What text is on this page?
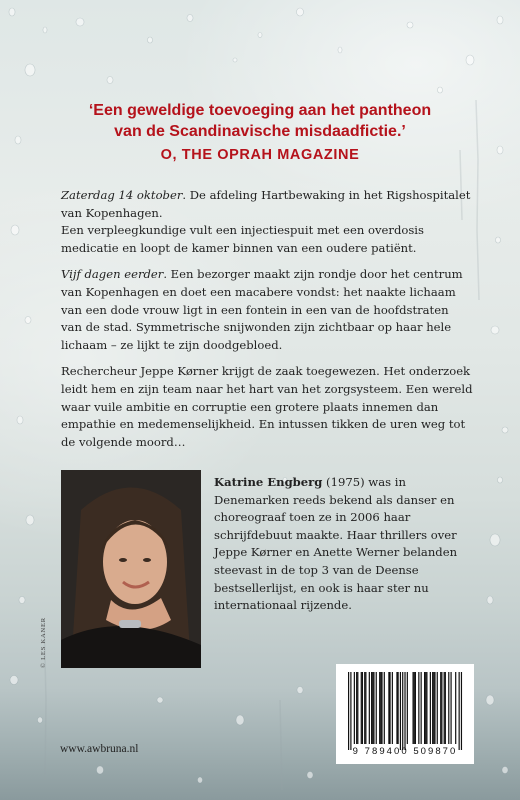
‘Een geweldige toevoeging aan het pantheon
van de Scandinavische misdaadfictie.’
O, THE OPRAH MAGAZINE

Zaterdag 14 oktober. De afdeling Hartbewaking in het Rigshospitalet van Kopenhagen.
Een verpleegkundige vult een injectiespuit met een overdosis medicatie en loopt de kamer binnen van een oudere patiënt.

Vijf dagen eerder. Een bezorger maakt zijn rondje door het centrum van Kopenhagen en doet een macabere vondst: het naakte lichaam van een dode vrouw ligt in een fontein in een van de hoofdstraten van de stad. Symmetrische snijwonden zijn zichtbaar op haar hele lichaam – ze lijkt te zijn doodgebloed.

Rechercheur Jeppe Kørner krijgt de zaak toegewezen. Het onderzoek leidt hem en zijn team naar het hart van het zorgsysteem. Een wereld waar vuile ambitie en corruptie een grotere plaats innemen dan empathie en medemenselijkheid. En intussen tikken de uren weg tot de volgende moord…

© LES KANER
Katrine Engberg (1975) was in Denemarken reeds bekend als danser en choreograaf toen ze in 2006 haar schrijfdebuut maakte. Haar thrillers over Jeppe Kørner en Anette Werner belanden steevast in de top 3 van de Deense bestsellerlijst, en ook is haar ster nu internationaal rijzende.
9 789400 509870
www.awbruna.nl
